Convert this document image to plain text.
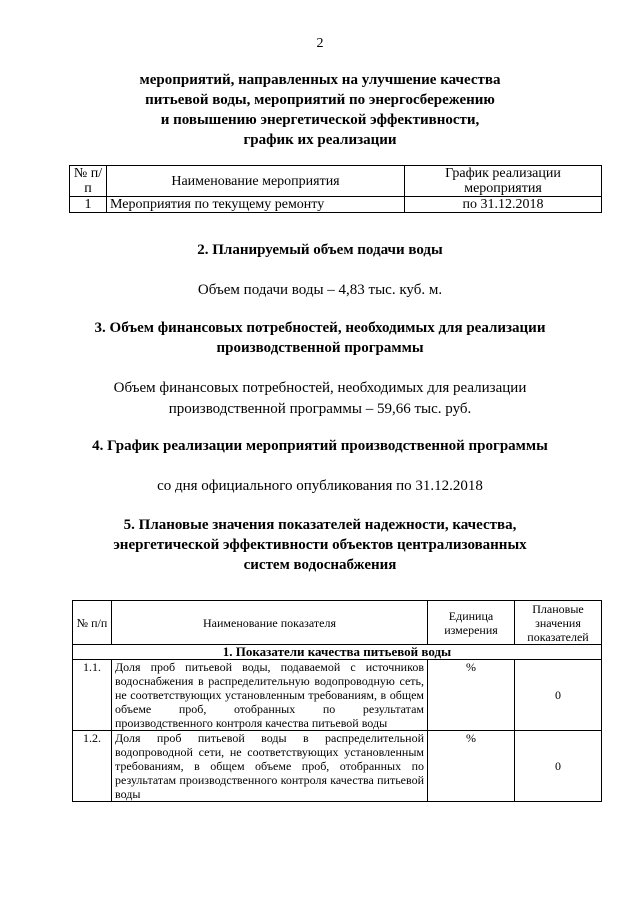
2
мероприятий, направленных на улучшение качества
питьевой воды, мероприятий по энергосбережению
и повышению энергетической эффективности,
график их реализации
№ п/п	Наименование мероприятия	График реализации мероприятия
1	Мероприятия по текущему ремонту	по 31.12.2018
2. Планируемый объем подачи воды
Объем подачи воды – 4,83 тыс. куб. м.
3. Объем финансовых потребностей, необходимых для реализации
производственной программы
Объем финансовых потребностей, необходимых для реализации
производственной программы – 59,66 тыс. руб.
4. График реализации мероприятий производственной программы
со дня официального опубликования по 31.12.2018
5. Плановые значения показателей надежности, качества,
энергетической эффективности объектов централизованных
систем водоснабжения
№ п/п	Наименование показателя	Единица измерения	Плановые значения показателей
1. Показатели качества питьевой воды			
1.1.	Доля проб питьевой воды, подаваемой с источников водоснабжения в распределительную водопроводную сеть, не соответствующих установленным требованиям, в общем объеме проб, отобранных по результатам производственного контроля качества питьевой воды	%	0
1.2.	Доля проб питьевой воды в распределительной водопроводной сети, не соответствующих установленным требованиям, в общем объеме проб, отобранных по результатам производственного контроля качества питьевой воды	%	0
